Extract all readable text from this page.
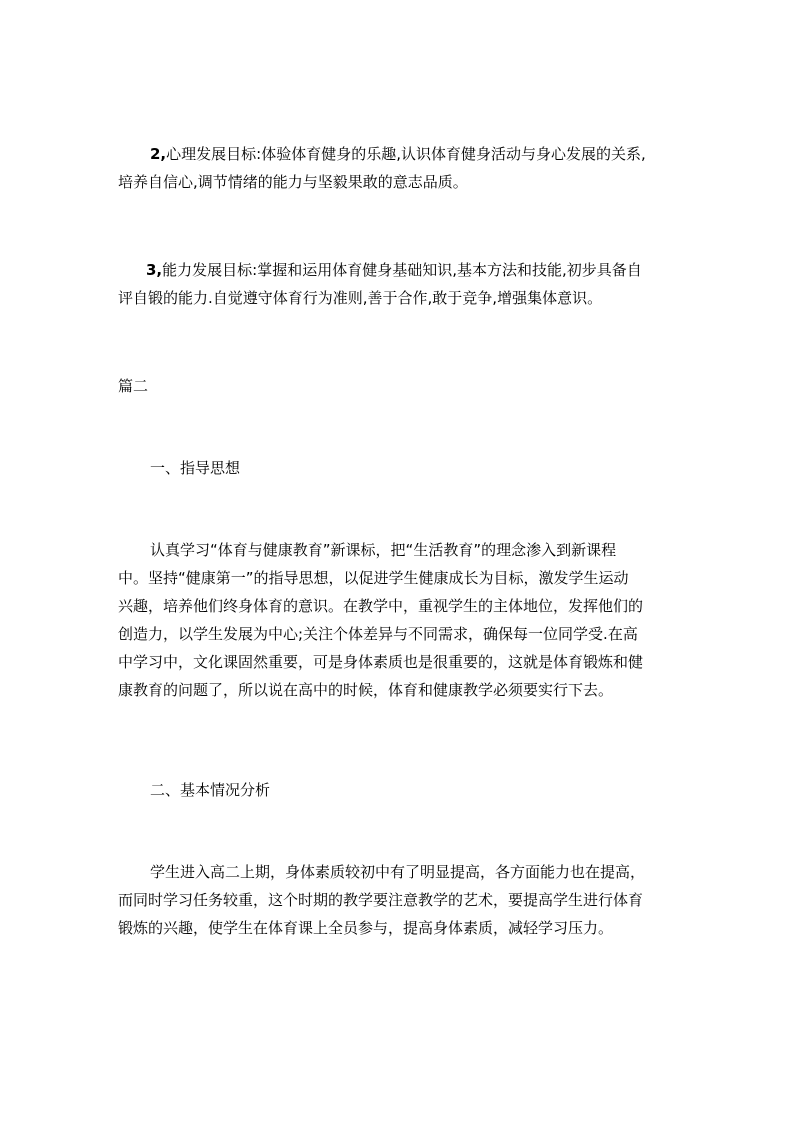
2,心理发展目标:体验体育健身的乐趣,认识体育健身活动与身心发展的关系,
培养自信心,调节情绪的能力与坚毅果敢的意志品质。
3,能力发展目标:掌握和运用体育健身基础知识,基本方法和技能,初步具备自
评自锻的能力.自觉遵守体育行为准则,善于合作,敢于竞争,增强集体意识。
篇二
一、指导思想
认真学习“体育与健康教育”新课标，把“生活教育”的理念渗入到新课程
中。坚持“健康第一”的指导思想，以促进学生健康成长为目标，激发学生运动
兴趣，培养他们终身体育的意识。在教学中，重视学生的主体地位，发挥他们的
创造力，以学生发展为中心;关注个体差异与不同需求，确保每一位同学受.在高
中学习中，文化课固然重要，可是身体素质也是很重要的，这就是体育锻炼和健
康教育的问题了，所以说在高中的时候，体育和健康教学必须要实行下去。
二、基本情况分析
学生进入高二上期，身体素质较初中有了明显提高，各方面能力也在提高，
而同时学习任务较重，这个时期的教学要注意教学的艺术，要提高学生进行体育
锻炼的兴趣，使学生在体育课上全员参与，提高身体素质，减轻学习压力。
